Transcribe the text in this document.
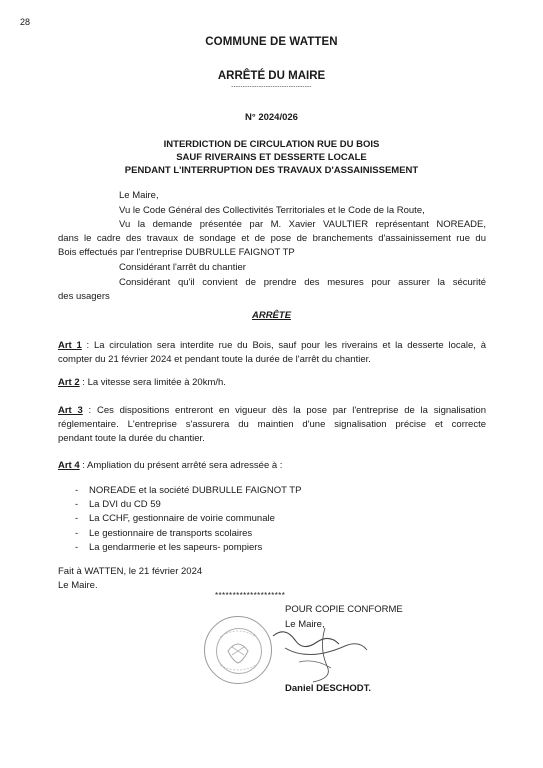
28
COMMUNE DE WATTEN
ARRÊTÉ DU MAIRE
-----------------------------------
N° 2024/026
INTERDICTION DE CIRCULATION RUE DU BOIS
SAUF RIVERAINS ET DESSERTE LOCALE
PENDANT L'INTERRUPTION DES TRAVAUX D'ASSAINISSEMENT
Le Maire,
Vu le Code Général des Collectivités Territoriales et le Code de la Route,
Vu la demande présentée par M. Xavier VAULTIER représentant NOREADE,
dans le cadre des travaux de sondage et de pose de branchements d'assainissement rue du
Bois effectués par l'entreprise DUBRULLE FAIGNOT TP
Considérant l'arrêt du chantier
Considérant qu'il convient de prendre des mesures pour assurer la sécurité
des usagers
ARRÊTE
Art 1 : La circulation sera interdite rue du Bois, sauf pour les riverains et la desserte locale, à
compter du 21 février 2024 et pendant toute la durée de l'arrêt du chantier.
Art 2 : La vitesse sera limitée à 20km/h.
Art 3 : Ces dispositions entreront en vigueur dès la pose par l'entreprise de la signalisation
réglementaire. L'entreprise s'assurera du maintien d'une signalisation précise et correcte
pendant toute la durée du chantier.
Art 4 : Ampliation du présent arrêté sera adressée à :
- NOREADE et la société DUBRULLE FAIGNOT TP
- La DVI du CD 59
- La CCHF, gestionnaire de voirie communale
- Le gestionnaire de transports scolaires
- La gendarmerie et les sapeurs- pompiers
Fait à WATTEN, le 21 février 2024
Le Maire.
********************
POUR COPIE CONFORME
Le Maire,
Daniel DESCHODT.
